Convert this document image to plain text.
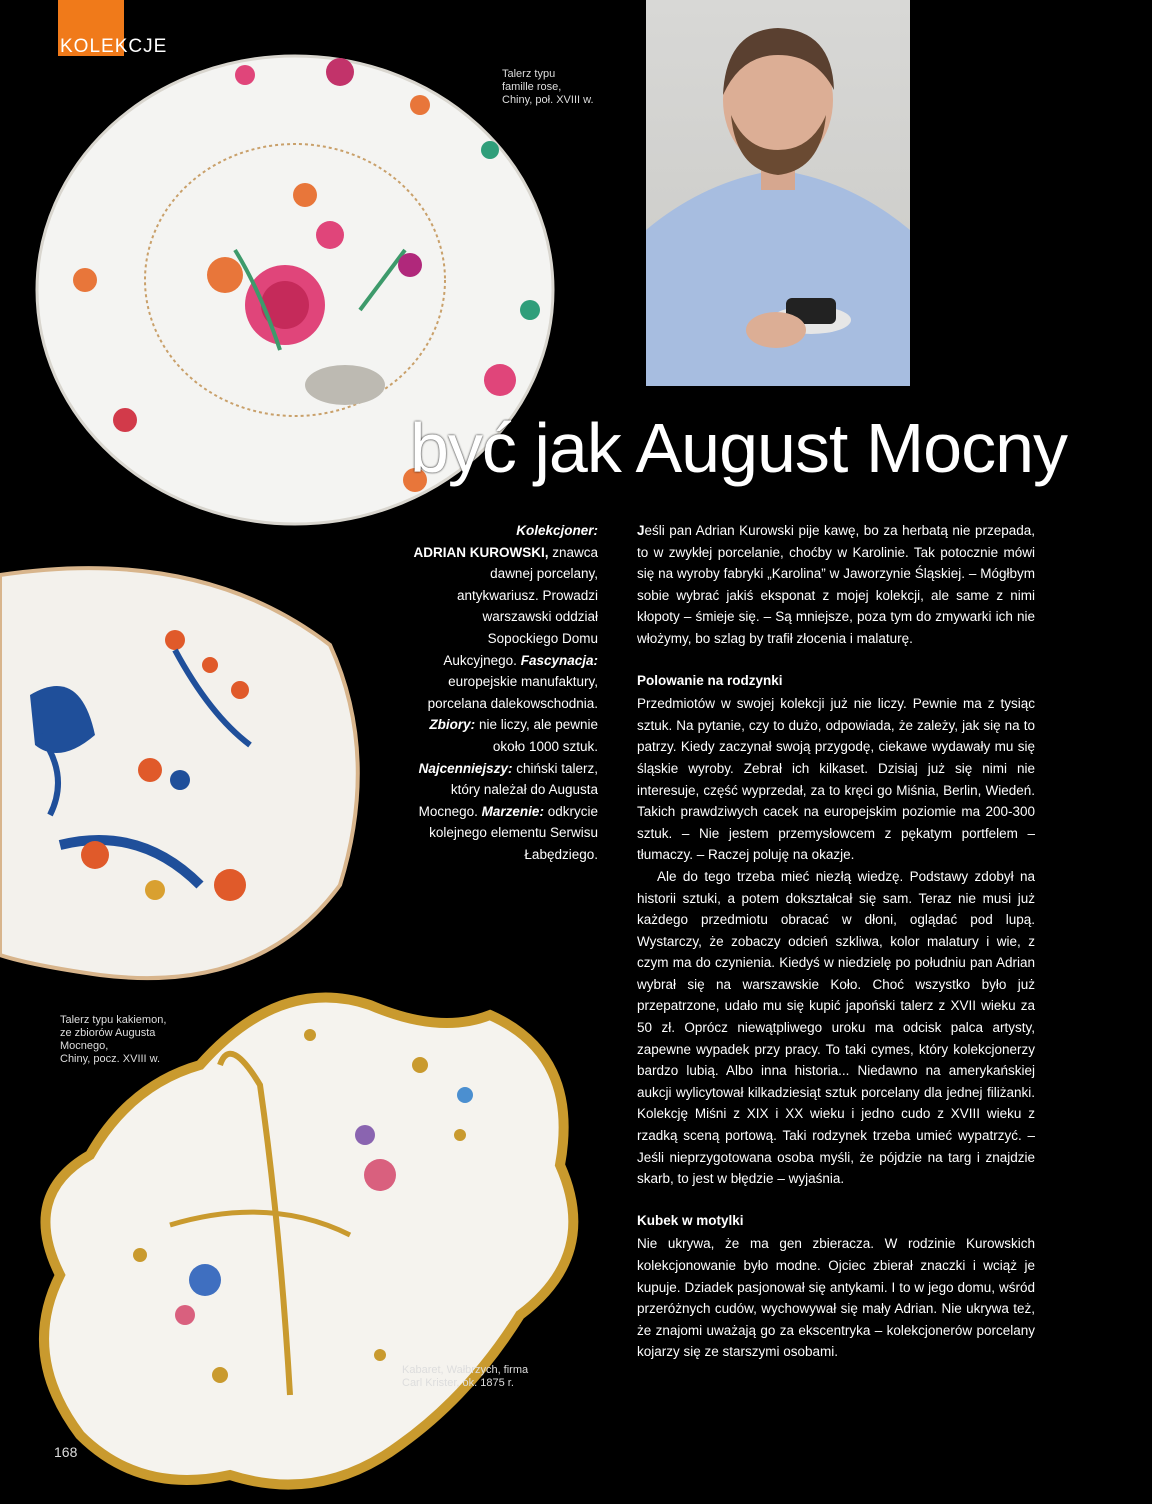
KOLEKCJE
Talerz typu
famille rose,
Chiny, poł. XVIII w.
Talerz typu kakiemon,
ze zbiorów Augusta
Mocnego,
Chiny, pocz. XVIII w.
Kabaret, Wałbrzych, firma
Carl Krister, ok. 1875 r.
być jak August Mocny
Kolekcjoner:
ADRIAN KUROWSKI, znawca dawnej porcelany, antykwariusz. Prowadzi warszawski oddział Sopockiego Domu Aukcyjnego. Fascynacja: europejskie manufaktury, porcelana dalekowschodnia. Zbiory: nie liczy, ale pewnie około 1000 sztuk. Najcenniejszy: chiński talerz, który należał do Augusta Mocnego. Marzenie: odkrycie kolejnego elementu Serwisu Łabędziego.

Jeśli pan Adrian Kurowski pije kawę, bo za herbatą nie przepada, to w zwykłej porcelanie, choćby w Karolinie. Tak potocznie mówi się na wyroby fabryki „Karolina” w Jaworzynie Śląskiej. – Mógłbym sobie wybrać jakiś eksponat z mojej kolekcji, ale same z nimi kłopoty – śmieje się. – Są mniejsze, poza tym do zmywarki ich nie włożymy, bo szlag by trafił złocenia i malaturę.

Polowanie na rodzynki

Przedmiotów w swojej kolekcji już nie liczy. Pewnie ma z tysiąc sztuk. Na pytanie, czy to dużo, odpowiada, że zależy, jak się na to patrzy. Kiedy zaczynał swoją przygodę, ciekawe wydawały mu się śląskie wyroby. Zebrał ich kilkaset. Dzisiaj już się nimi nie interesuje, część wyprzedał, za to kręci go Miśnia, Berlin, Wiedeń. Takich prawdziwych cacek na europejskim poziomie ma 200-300 sztuk. – Nie jestem przemysłowcem z pękatym portfelem – tłumaczy. – Raczej poluję na okazje.

Ale do tego trzeba mieć niezłą wiedzę. Podstawy zdobył na historii sztuki, a potem dokształcał się sam. Teraz nie musi już każdego przedmiotu obracać w dłoni, oglądać pod lupą. Wystarczy, że zobaczy odcień szkliwa, kolor malatury i wie, z czym ma do czynienia. Kiedyś w niedzielę po południu pan Adrian wybrał się na warszawskie Koło. Choć wszystko było już przepatrzone, udało mu się kupić japoński talerz z XVII wieku za 50 zł. Oprócz niewątpliwego uroku ma odcisk palca artysty, zapewne wypadek przy pracy. To taki cymes, który kolekcjonerzy bardzo lubią. Albo inna historia... Niedawno na amerykańskiej aukcji wylicytował kilkadziesiąt sztuk porcelany dla jednej filiżanki. Kolekcję Miśni z XIX i XX wieku i jedno cudo z XVIII wieku z rzadką sceną portową. Taki rodzynek trzeba umieć wypatrzyć. – Jeśli nieprzygotowana osoba myśli, że pójdzie na targ i znajdzie skarb, to jest w błędzie – wyjaśnia.

Kubek w motylki

Nie ukrywa, że ma gen zbieracza. W rodzinie Kurowskich kolekcjonowanie było modne. Ojciec zbierał znaczki i wciąż je kupuje. Dziadek pasjonował się antykami. I to w jego domu, wśród przeróżnych cudów, wychowywał się mały Adrian. Nie ukrywa też, że znajomi uważają go za ekscentryka – kolekcjonerów porcelany kojarzy się ze starszymi osobami.

168
